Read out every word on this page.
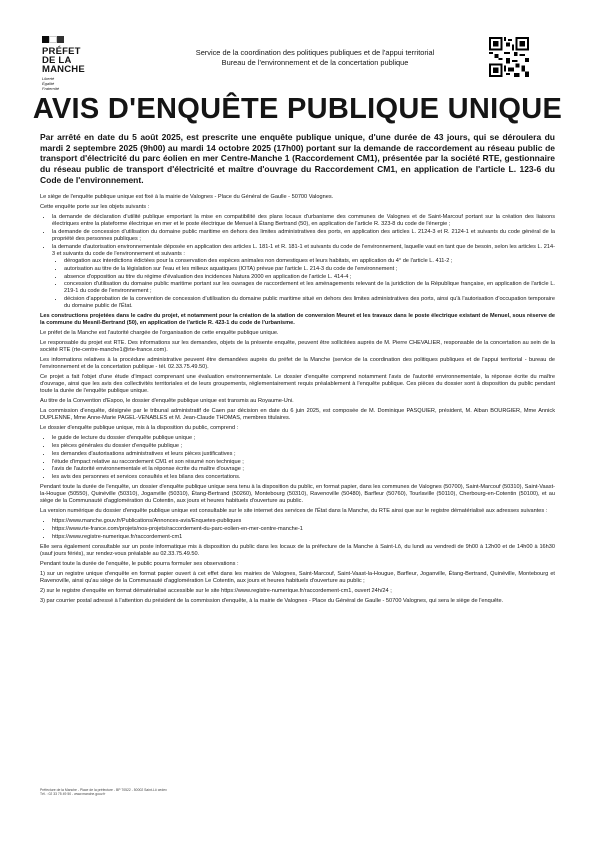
PRÉFET
DE LA MANCHE
Liberté
Égalité
Fraternité
Service de la coordination des politiques publiques et de l'appui territorial
Bureau de l'environnement et de la concertation publique
AVIS D'ENQUÊTE PUBLIQUE UNIQUE

Par arrêté en date du 5 août 2025, est prescrite une enquête publique unique, d'une durée de 43 jours, qui se déroulera du mardi 2 septembre 2025 (9h00) au mardi 14 octobre 2025 (17h00) portant sur la demande de raccordement au réseau public de transport d'électricité du parc éolien en mer Centre-Manche 1 (Raccordement CM1), présentée par la société RTE, gestionnaire du réseau public de transport d'électricité et maître d'ouvrage du Raccordement CM1, en application de l'article L. 123-6 du Code de l'environnement.

Le siège de l'enquête publique unique est fixé à la mairie de Valognes - Place du Général de Gaulle - 50700 Valognes.

Cette enquête porte sur les objets suivants :

• la demande de déclaration d'utilité publique emportant la mise en compatibilité des plans locaux d'urbanisme des communes de Valognes et de Saint-Marcouf portant sur la création des liaisons électriques entre la plateforme électrique en mer et le poste électrique de Menuel à Étang Bertrand (50), en application de l'article R. 323-8 du code de l'énergie ;
• la demande de concession d'utilisation du domaine public maritime en dehors des limites administratives des ports, en application des articles L. 2124-3 et R. 2124-1 et suivants du code général de la propriété des personnes publiques ;
• la demande d'autorisation environnementale déposée en application des articles L. 181-1 et R. 181-1 et suivants du code de l'environnement, laquelle vaut en tant que de besoin, selon les articles L. 214-3 et suivants du code de l'environnement et suivants :
• dérogation aux interdictions édictées pour la conservation des espèces animales non domestiques et leurs habitats, en application du 4° de l'article L. 411-2 ;
• autorisation au titre de la législation sur l'eau et les milieux aquatiques (IOTA) prévue par l'article L. 214-3 du code de l'environnement ;
• absence d'opposition au titre du régime d'évaluation des incidences Natura 2000 en application de l'article L. 414-4 ;
• concession d'utilisation du domaine public maritime portant sur les ouvrages de raccordement et les aménagements relevant de la juridiction de la République française, en application de l'article L. 219-1 du code de l'environnement ;
• décision d'approbation de la convention de concession d'utilisation du domaine public maritime situé en dehors des limites administratives des ports, ainsi qu'à l'autorisation d'occupation temporaire du domaine public de l'État.

Les constructions projetées dans le cadre du projet, et notamment pour la création de la station de conversion Meuret et les travaux dans le poste électrique existant de Menuel, sous réserve de la commune du Mesnil-Bertrand (50), en application de l'article R. 423-1 du code de l'urbanisme.

Le préfet de la Manche est l'autorité chargée de l'organisation de cette enquête publique unique.

Le responsable du projet est RTE. Des informations sur les demandes, objets de la présente enquête, peuvent être sollicitées auprès de M. Pierre CHEVALIER, responsable de la concertation au sein de la société RTE (rte-centre-manche1@rte-france.com).

Les informations relatives à la procédure administrative peuvent être demandées auprès du préfet de la Manche (service de la coordination des politiques publiques et de l'appui territorial - bureau de l'environnement et de la concertation publique - tél. 02.33.75.49.50).

Ce projet a fait l'objet d'une étude d'impact comprenant une évaluation environnementale. Le dossier d'enquête comprend notamment l'avis de l'autorité environnementale, la réponse écrite du maître d'ouvrage, ainsi que les avis des collectivités territoriales et de leurs groupements, réglementairement requis préalablement à l'enquête publique. Ces pièces du dossier sont à disposition du public pendant toute la durée de l'enquête publique unique.

Au titre de la Convention d'Espoo, le dossier d'enquête publique unique est transmis au Royaume-Uni.

La commission d'enquête, désignée par le tribunal administratif de Caen par décision en date du 6 juin 2025, est composée de M. Dominique PASQUIER, président, M. Alban BOURGIER, Mme Annick DUPLENNE, Mme Anne-Marie PAGEL-VENABLES et M. Jean-Claude THOMAS, membres titulaires.

Le dossier d'enquête publique unique, mis à la disposition du public, comprend :

• le guide de lecture du dossier d'enquête publique unique ;
• les pièces générales du dossier d'enquête publique ;
• les demandes d'autorisations administratives et leurs pièces justificatives ;
• l'étude d'impact relative au raccordement CM1 et son résumé non technique ;
• l'avis de l'autorité environnementale et la réponse écrite du maître d'ouvrage ;
• les avis des personnes et services consultés et les bilans des concertations.

Pendant toute la durée de l'enquête, un dossier d'enquête publique unique sera tenu à la disposition du public, en format papier, dans les communes de Valognes (50700), Saint-Marcouf (50310), Saint-Vaast-la-Hougue (50550), Quinéville (50310), Joganville (50310), Étang-Bertrand (50260), Montebourg (50310), Ravenoville (50480), Barfleur (50760), Tourlaville (50110), Cherbourg-en-Cotentin (50100), et au siège de la Communauté d'agglomération du Cotentin, aux jours et heures habituels d'ouverture au public.

La version numérique du dossier d'enquête publique unique est consultable sur le site internet des services de l'État dans la Manche, du RTE ainsi que sur le registre dématérialisé aux adresses suivantes :

• https://www.manche.gouv.fr/Publications/Annonces-avis/Enquetes-publiques
• https://www.rte-france.com/projets/nos-projets/raccordement-du-parc-eolien-en-mer-centre-manche-1
• https://www.registre-numerique.fr/raccordement-cm1

Elle sera également consultable sur un poste informatique mis à disposition du public dans les locaux de la préfecture de la Manche à Saint-Lô, du lundi au vendredi de 9h00 à 12h00 et de 14h00 à 16h30 (sauf jours fériés), sur rendez-vous préalable au 02.33.75.49.50.

Pendant toute la durée de l'enquête, le public pourra formuler ses observations :

1) sur un registre unique d'enquête en format papier ouvert à cet effet dans les mairies de Valognes, Saint-Marcouf, Saint-Vaast-la-Hougue, Barfleur, Joganville, Étang-Bertrand, Quinéville, Montebourg et Ravenoville, ainsi qu'au siège de la Communauté d'agglomération Le Cotentin, aux jours et heures habituels d'ouverture au public ;

2) sur le registre d'enquête en format dématérialisé accessible sur le site https://www.registre-numerique.fr/raccordement-cm1, ouvert 24h/24 ;

3) par courrier postal adressé à l'attention du président de la commission d'enquête, à la mairie de Valognes - Place du Général de Gaulle - 50700 Valognes, qui sera le siège de l'enquête.

Préfecture de la Manche - Place de la préfecture - BP 70522 - 50002 Saint-Lô cedex

Tél. : 02 33 75 49 50 - www.manche.gouv.fr
